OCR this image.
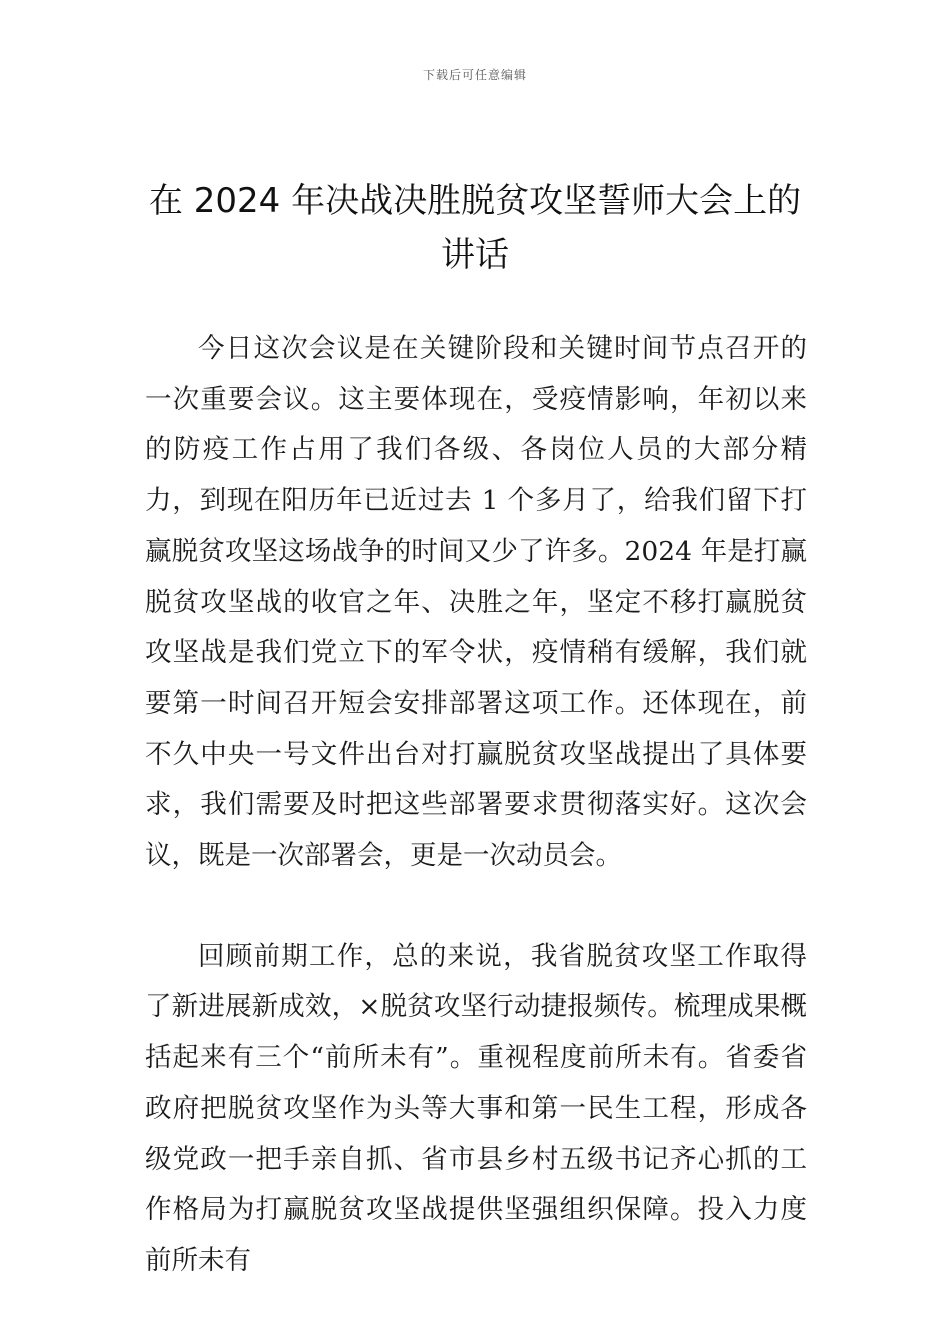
下载后可任意编辑
在 2024 年决战决胜脱贫攻坚誓师大会上的讲话

今日这次会议是在关键阶段和关键时间节点召开的一次重要会议。这主要体现在，受疫情影响，年初以来的防疫工作占用了我们各级、各岗位人员的大部分精力，到现在阳历年已近过去 1 个多月了，给我们留下打赢脱贫攻坚这场战争的时间又少了许多。2024 年是打赢脱贫攻坚战的收官之年、决胜之年，坚定不移打赢脱贫攻坚战是我们党立下的军令状，疫情稍有缓解，我们就要第一时间召开短会安排部署这项工作。还体现在，前不久中央一号文件出台对打赢脱贫攻坚战提出了具体要求，我们需要及时把这些部署要求贯彻落实好。这次会议，既是一次部署会，更是一次动员会。

回顾前期工作，总的来说，我省脱贫攻坚工作取得了新进展新成效，×脱贫攻坚行动捷报频传。梳理成果概括起来有三个“前所未有”。重视程度前所未有。省委省政府把脱贫攻坚作为头等大事和第一民生工程，形成各级党政一把手亲自抓、省市县乡村五级书记齐心抓的工作格局为打赢脱贫攻坚战提供坚强组织保障。投入力度前所未有
